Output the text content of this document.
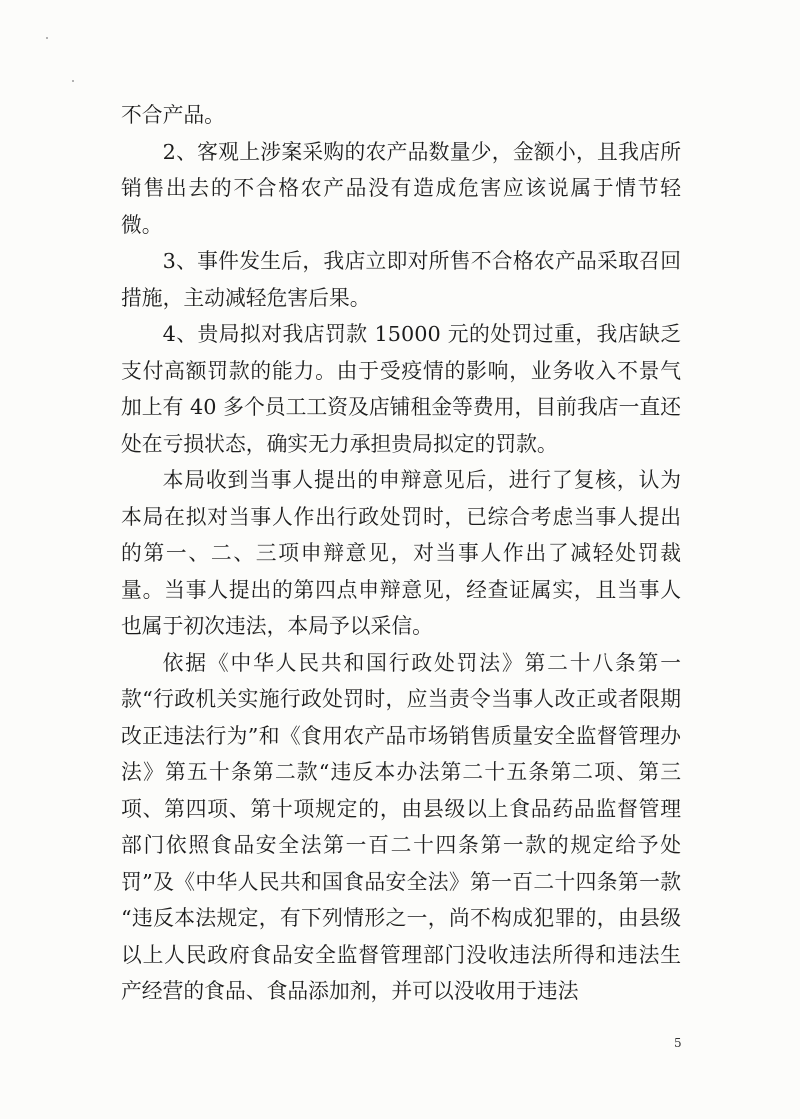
不合产品。

2、客观上涉案采购的农产品数量少，金额小，且我店所销售出去的不合格农产品没有造成危害应该说属于情节轻微。

3、事件发生后，我店立即对所售不合格农产品采取召回措施，主动减轻危害后果。

4、贵局拟对我店罚款 15000 元的处罚过重，我店缺乏支付高额罚款的能力。由于受疫情的影响，业务收入不景气加上有 40 多个员工工资及店铺租金等费用，目前我店一直还处在亏损状态，确实无力承担贵局拟定的罚款。

本局收到当事人提出的申辩意见后，进行了复核，认为本局在拟对当事人作出行政处罚时，已综合考虑当事人提出的第一、二、三项申辩意见，对当事人作出了减轻处罚裁量。当事人提出的第四点申辩意见，经查证属实，且当事人也属于初次违法，本局予以采信。

依据《中华人民共和国行政处罚法》第二十八条第一款“行政机关实施行政处罚时，应当责令当事人改正或者限期改正违法行为”和《食用农产品市场销售质量安全监督管理办法》第五十条第二款“违反本办法第二十五条第二项、第三项、第四项、第十项规定的，由县级以上食品药品监督管理部门依照食品安全法第一百二十四条第一款的规定给予处罚”及《中华人民共和国食品安全法》第一百二十四条第一款 “违反本法规定，有下列情形之一，尚不构成犯罪的，由县级以上人民政府食品安全监督管理部门没收违法所得和违法生产经营的食品、食品添加剂，并可以没收用于违法

5
